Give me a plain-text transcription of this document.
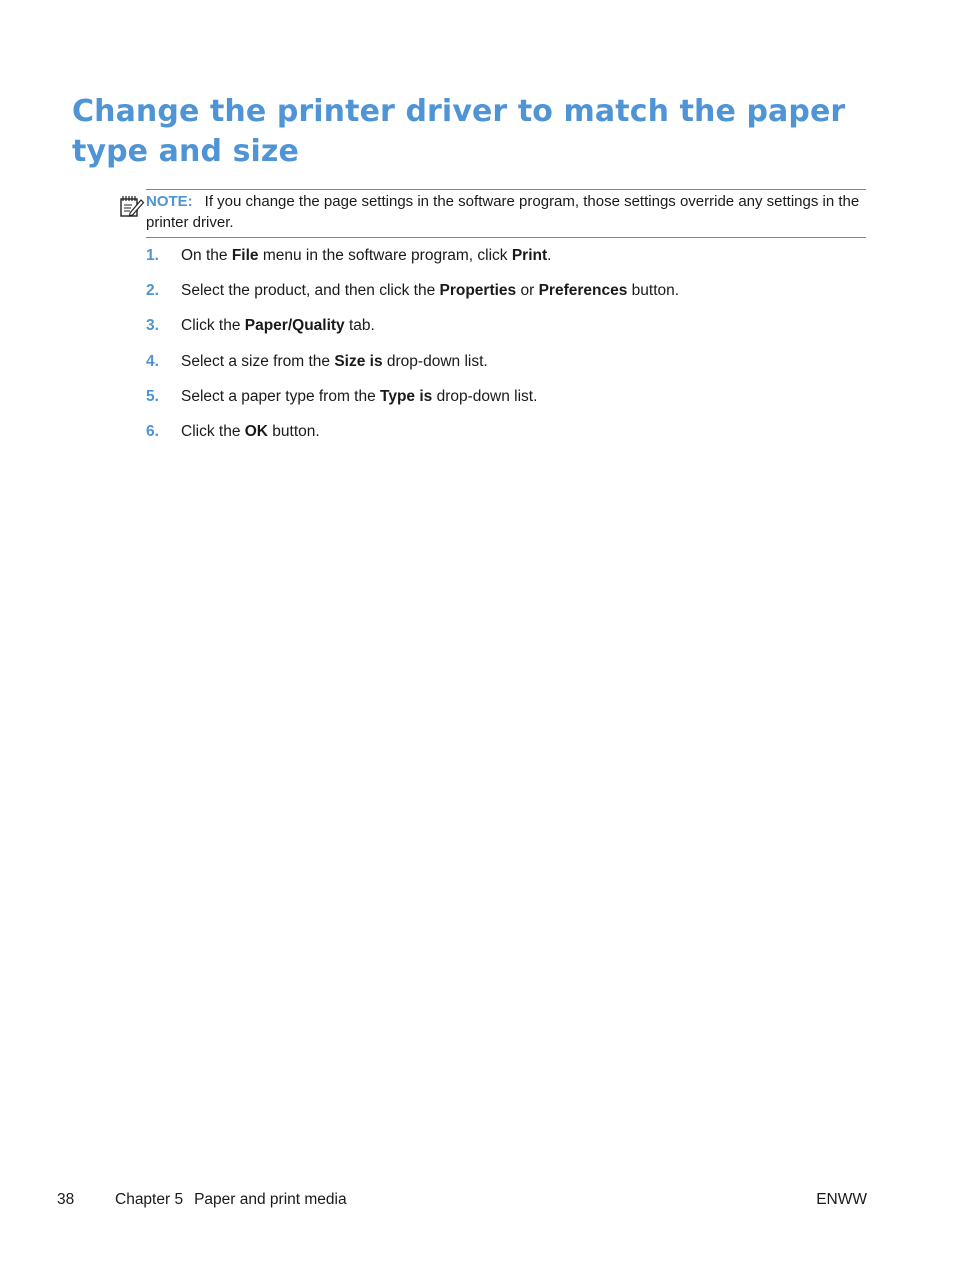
Change the printer driver to match the paper type and size
NOTE: If you change the page settings in the software program, those settings override any settings in the printer driver.
1.	On the File menu in the software program, click Print.
2.	Select the product, and then click the Properties or Preferences button.
3.	Click the Paper/Quality tab.
4.	Select a size from the Size is drop-down list.
5.	Select a paper type from the Type is drop-down list.
6.	Click the OK button.
38	Chapter 5 Paper and print media	ENWW
